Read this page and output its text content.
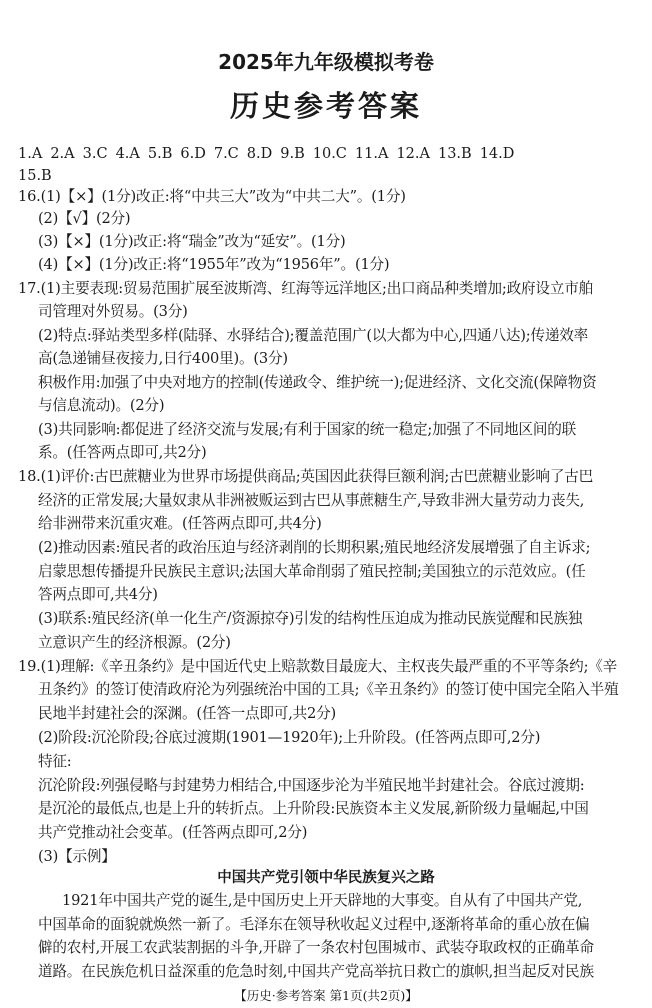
2025年九年级模拟考卷
历史参考答案
1.A 2.A 3.C 4.A 5.B 6.D 7.C 8.D 9.B 10.C 11.A 12.A 13.B 14.D
15.B
16.(1)【×】(1分)改正:将“中共三大”改为“中共二大”。(1分)
(2)【√】(2分)
(3)【×】(1分)改正:将“瑞金”改为“延安”。(1分)
(4)【×】(1分)改正:将“1955年”改为“1956年”。(1分)
17.(1)主要表现:贸易范围扩展至波斯湾、红海等远洋地区;出口商品种类增加;政府设立市舶
司管理对外贸易。(3分)
(2)特点:驿站类型多样(陆驿、水驿结合);覆盖范围广(以大都为中心,四通八达);传递效率
高(急递铺昼夜接力,日行400里)。(3分)
积极作用:加强了中央对地方的控制(传递政令、维护统一);促进经济、文化交流(保障物资
与信息流动)。(2分)
(3)共同影响:都促进了经济交流与发展;有利于国家的统一稳定;加强了不同地区间的联
系。(任答两点即可,共2分)
18.(1)评价:古巴蔗糖业为世界市场提供商品;英国因此获得巨额利润;古巴蔗糖业影响了古巴
经济的正常发展;大量奴隶从非洲被贩运到古巴从事蔗糖生产,导致非洲大量劳动力丧失,
给非洲带来沉重灾难。(任答两点即可,共4分)
(2)推动因素:殖民者的政治压迫与经济剥削的长期积累;殖民地经济发展增强了自主诉求;
启蒙思想传播提升民族民主意识;法国大革命削弱了殖民控制;美国独立的示范效应。(任
答两点即可,共4分)
(3)联系:殖民经济(单一化生产/资源掠夺)引发的结构性压迫成为推动民族觉醒和民族独
立意识产生的经济根源。(2分)
19.(1)理解:《辛丑条约》是中国近代史上赔款数目最庞大、主权丧失最严重的不平等条约;《辛
丑条约》的签订使清政府沦为列强统治中国的工具;《辛丑条约》的签订使中国完全陷入半殖
民地半封建社会的深渊。(任答一点即可,共2分)
(2)阶段:沉沦阶段;谷底过渡期(1901—1920年);上升阶段。(任答两点即可,2分)
特征:
沉沦阶段:列强侵略与封建势力相结合,中国逐步沦为半殖民地半封建社会。谷底过渡期:
是沉沦的最低点,也是上升的转折点。上升阶段:民族资本主义发展,新阶级力量崛起,中国
共产党推动社会变革。(任答两点即可,2分)
(3)【示例】
中国共产党引领中华民族复兴之路
1921年中国共产党的诞生,是中国历史上开天辟地的大事变。自从有了中国共产党,
中国革命的面貌就焕然一新了。毛泽东在领导秋收起义过程中,逐渐将革命的重心放在偏
僻的农村,开展工农武装割据的斗争,开辟了一条农村包围城市、武装夺取政权的正确革命
道路。在民族危机日益深重的危急时刻,中国共产党高举抗日救亡的旗帜,担当起反对民族
【历史·参考答案 第1页(共2页)】
